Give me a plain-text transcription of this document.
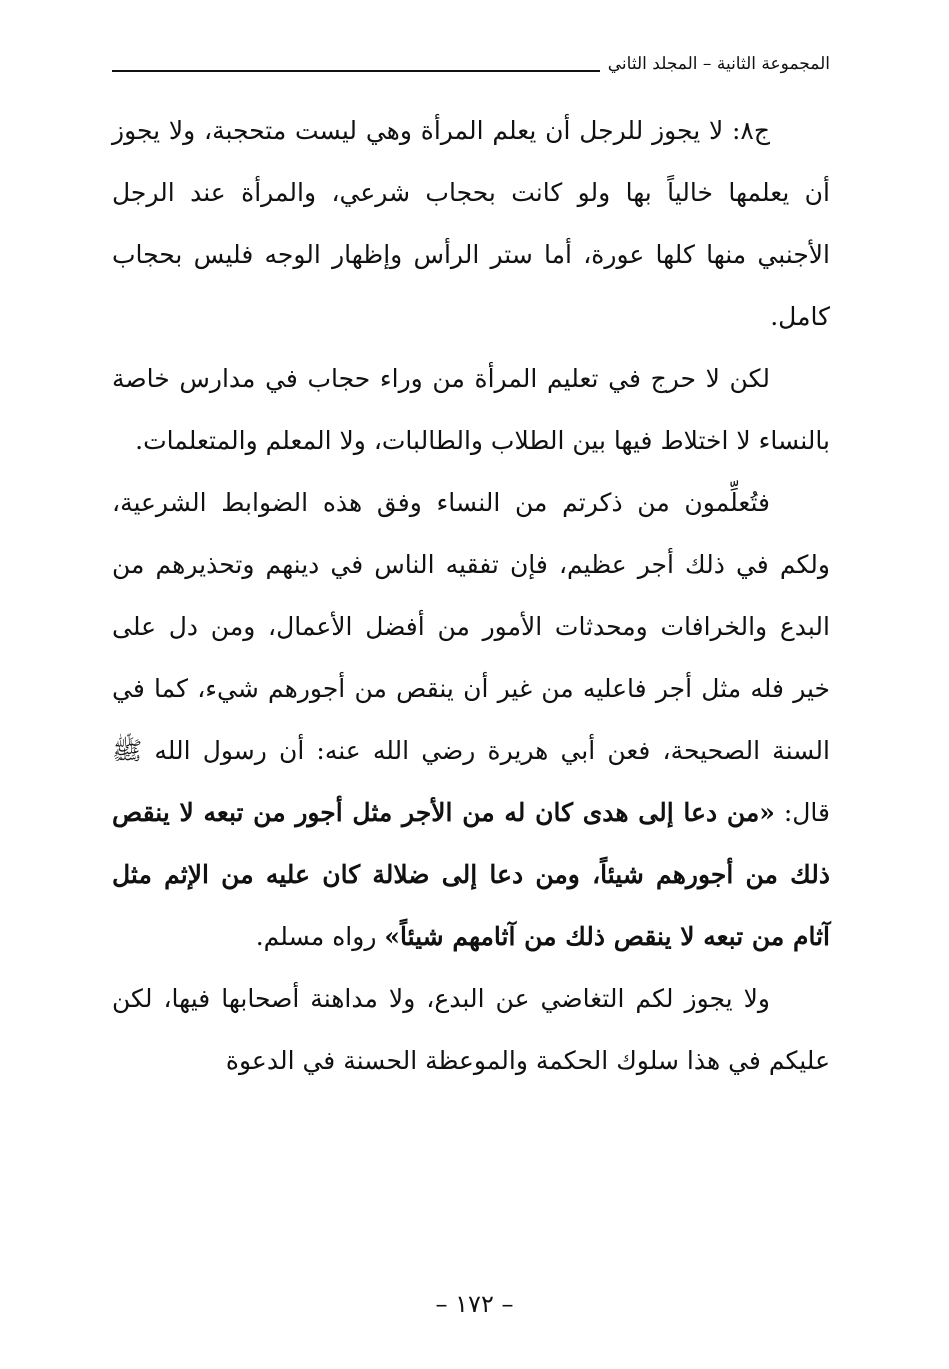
المجموعة الثانية – المجلد الثاني

ج٨: لا يجوز للرجل أن يعلم المرأة وهي ليست متحجبة، ولا يجوز أن يعلمها خالياً بها ولو كانت بحجاب شرعي، والمرأة عند الرجل الأجنبي منها كلها عورة، أما ستر الرأس وإظهار الوجه فليس بحجاب كامل.

لكن لا حرج في تعليم المرأة من وراء حجاب في مدارس خاصة بالنساء لا اختلاط فيها بين الطلاب والطالبات، ولا المعلم والمتعلمات.

فتُعلِّمون من ذكرتم من النساء وفق هذه الضوابط الشرعية، ولكم في ذلك أجر عظيم، فإن تفقيه الناس في دينهم وتحذيرهم من البدع والخرافات ومحدثات الأمور من أفضل الأعمال، ومن دل على خير فله مثل أجر فاعليه من غير أن ينقص من أجورهم شيء، كما في السنة الصحيحة، فعن أبي هريرة رضي الله عنه: أن رسول الله ﷺ قال: «من دعا إلى هدى كان له من الأجر مثل أجور من تبعه لا ينقص ذلك من أجورهم شيئاً، ومن دعا إلى ضلالة كان عليه من الإثم مثل آثام من تبعه لا ينقص ذلك من آثامهم شيئاً» رواه مسلم.

ولا يجوز لكم التغاضي عن البدع، ولا مداهنة أصحابها فيها، لكن عليكم في هذا سلوك الحكمة والموعظة الحسنة في الدعوة

– ١٧٢ –
